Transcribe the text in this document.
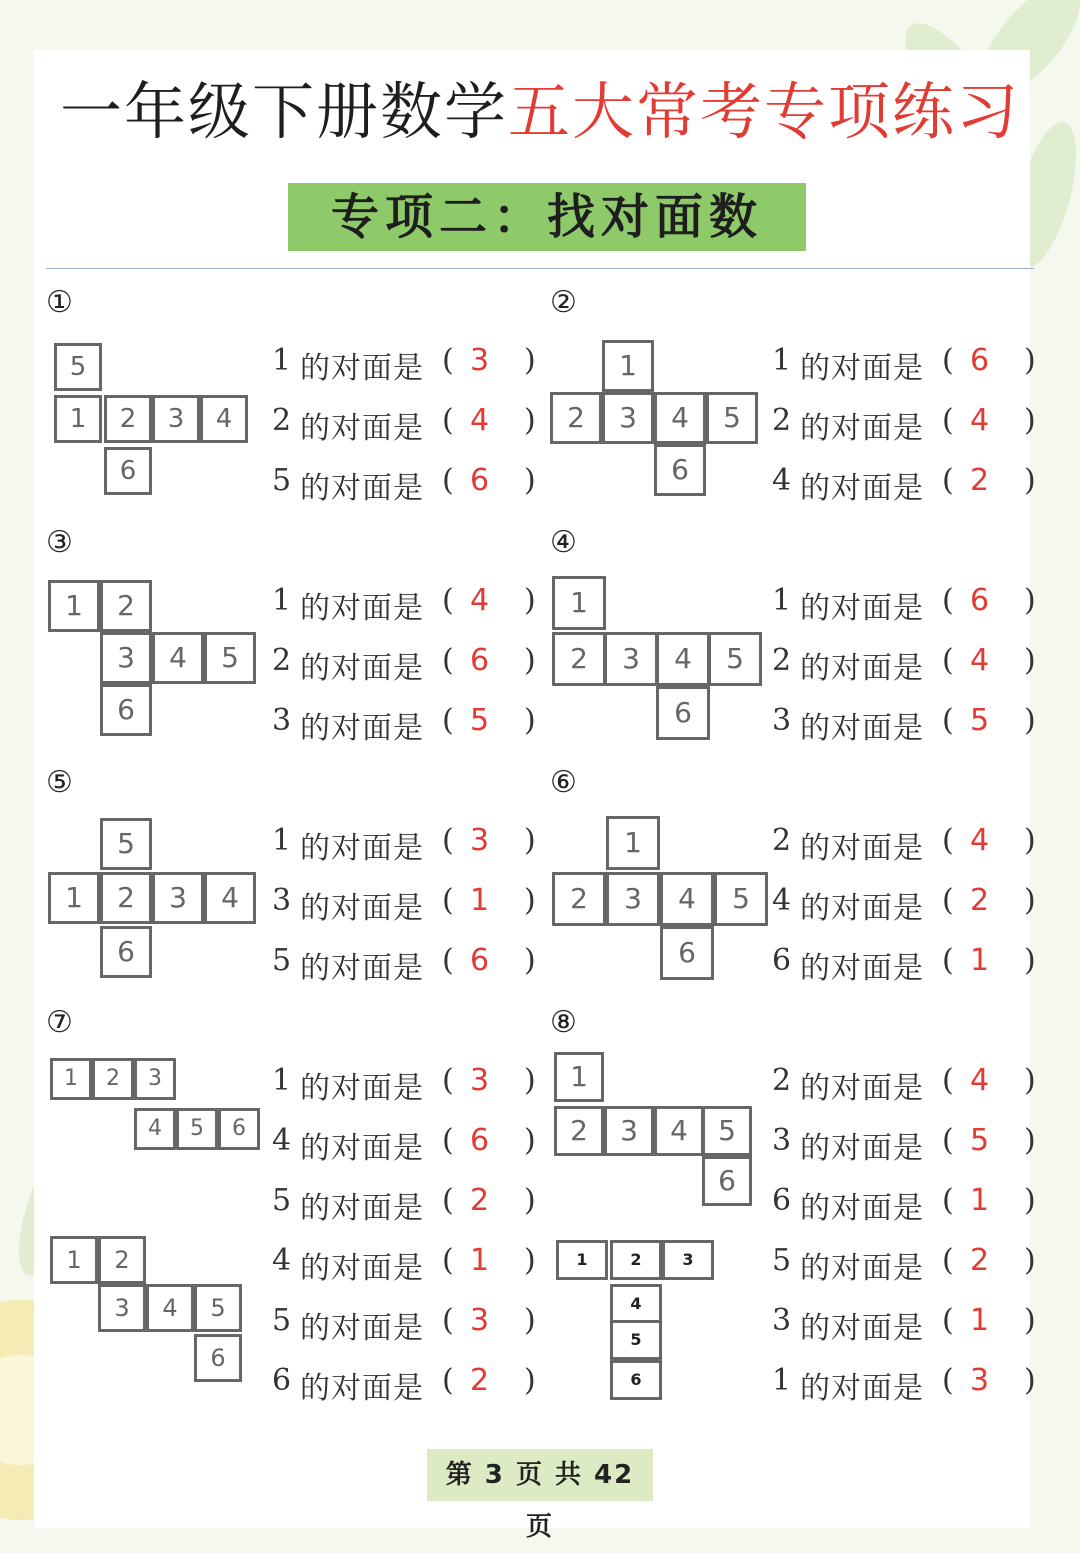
一年级下册数学五大常考专项练习
专项二：找对面数
①
5
1	2	3	4
6
1 的对面是 ( 3 )
2 的对面是 ( 4 )
5 的对面是 ( 6 )
②
1
2	3	4	5
6
1 的对面是 ( 6 )
2 的对面是 ( 4 )
4 的对面是 ( 2 )
③
1	2
3	4	5
6
1 的对面是 ( 4 )
2 的对面是 ( 6 )
3 的对面是 ( 5 )
④
1
2	3	4	5
6
1 的对面是 ( 6 )
2 的对面是 ( 4 )
3 的对面是 ( 5 )
⑤
5
1	2	3	4
6
1 的对面是 ( 3 )
3 的对面是 ( 1 )
5 的对面是 ( 6 )
⑥
1
2	3	4	5
6
2 的对面是 ( 4 )
4 的对面是 ( 2 )
6 的对面是 ( 1 )
⑦
1	2	3
4	5	6
1 的对面是 ( 3 )
4 的对面是 ( 6 )
5 的对面是 ( 2 )
⑧
1
2	3	4	5
6
2 的对面是 ( 4 )
3 的对面是 ( 5 )
6 的对面是 ( 1 )
1	2
3	4	5
6
4 的对面是 ( 1 )
5 的对面是 ( 3 )
6 的对面是 ( 2 )
1	2	3
4
5
6
5 的对面是 ( 2 )
3 的对面是 ( 1 )
1 的对面是 ( 3 )
第 3 页 共 42 页
